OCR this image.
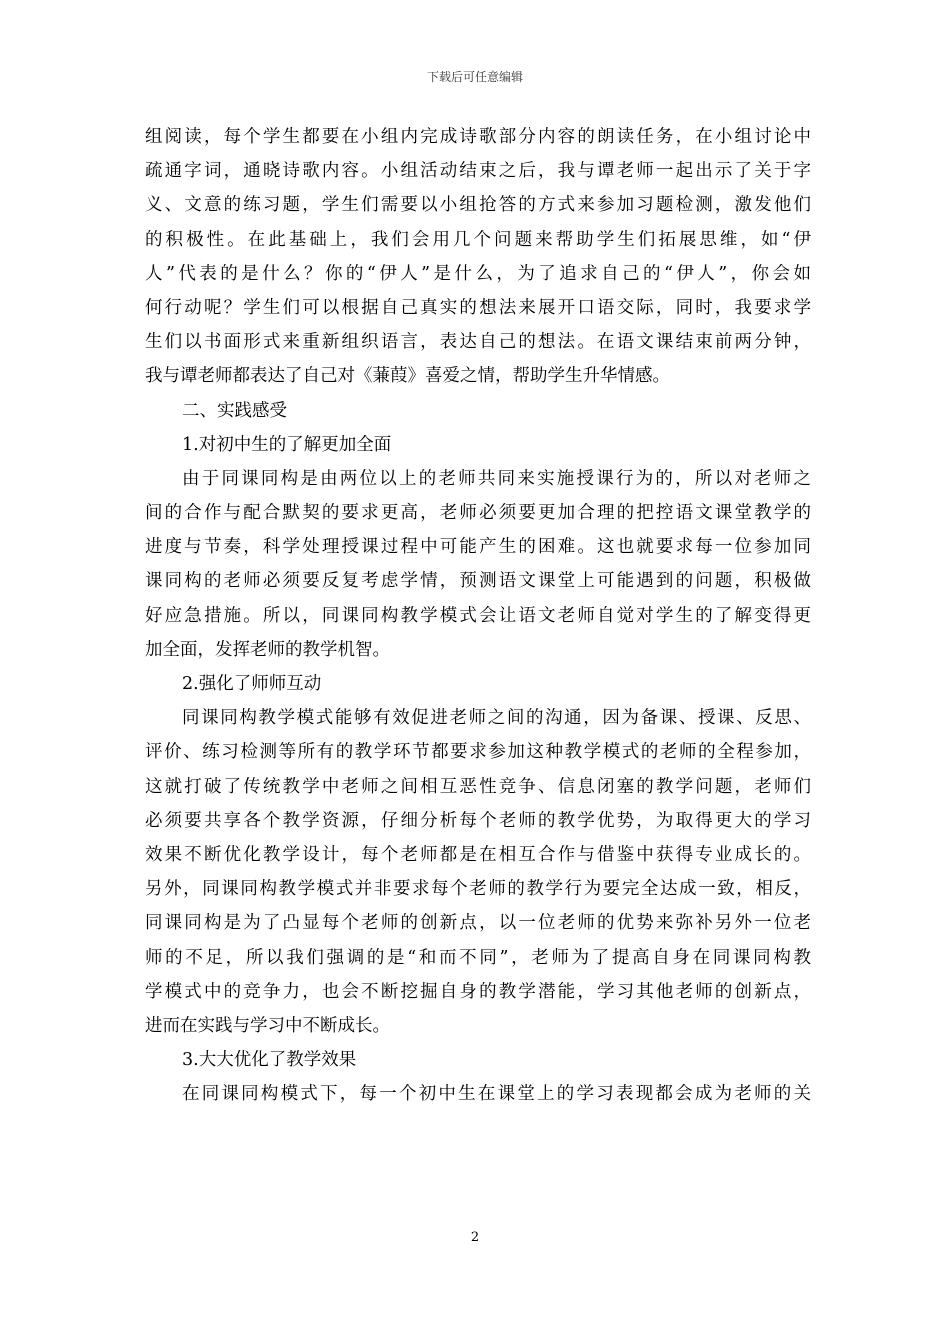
下载后可任意编辑
组阅读，每个学生都要在小组内完成诗歌部分内容的朗读任务，在小组讨论中
疏通字词，通晓诗歌内容。小组活动结束之后，我与谭老师一起出示了关于字
义、文意的练习题，学生们需要以小组抢答的方式来参加习题检测，激发他们
的积极性。在此基础上，我们会用几个问题来帮助学生们拓展思维，如“伊
人”代表的是什么？你的“伊人”是什么，为了追求自己的“伊人”，你会如
何行动呢？学生们可以根据自己真实的想法来展开口语交际，同时，我要求学
生们以书面形式来重新组织语言，表达自己的想法。在语文课结束前两分钟，
我与谭老师都表达了自己对《蒹葭》喜爱之情，帮助学生升华情感。
二、实践感受
1.对初中生的了解更加全面
由于同课同构是由两位以上的老师共同来实施授课行为的，所以对老师之
间的合作与配合默契的要求更高，老师必须要更加合理的把控语文课堂教学的
进度与节奏，科学处理授课过程中可能产生的困难。这也就要求每一位参加同
课同构的老师必须要反复考虑学情，预测语文课堂上可能遇到的问题，积极做
好应急措施。所以，同课同构教学模式会让语文老师自觉对学生的了解变得更
加全面，发挥老师的教学机智。
2.强化了师师互动
同课同构教学模式能够有效促进老师之间的沟通，因为备课、授课、反思、
评价、练习检测等所有的教学环节都要求参加这种教学模式的老师的全程参加，
这就打破了传统教学中老师之间相互恶性竞争、信息闭塞的教学问题，老师们
必须要共享各个教学资源，仔细分析每个老师的教学优势，为取得更大的学习
效果不断优化教学设计，每个老师都是在相互合作与借鉴中获得专业成长的。
另外，同课同构教学模式并非要求每个老师的教学行为要完全达成一致，相反，
同课同构是为了凸显每个老师的创新点，以一位老师的优势来弥补另外一位老
师的不足，所以我们强调的是“和而不同”，老师为了提高自身在同课同构教
学模式中的竞争力，也会不断挖掘自身的教学潜能，学习其他老师的创新点，
进而在实践与学习中不断成长。
3.大大优化了教学效果
在同课同构模式下，每一个初中生在课堂上的学习表现都会成为老师的关
2
